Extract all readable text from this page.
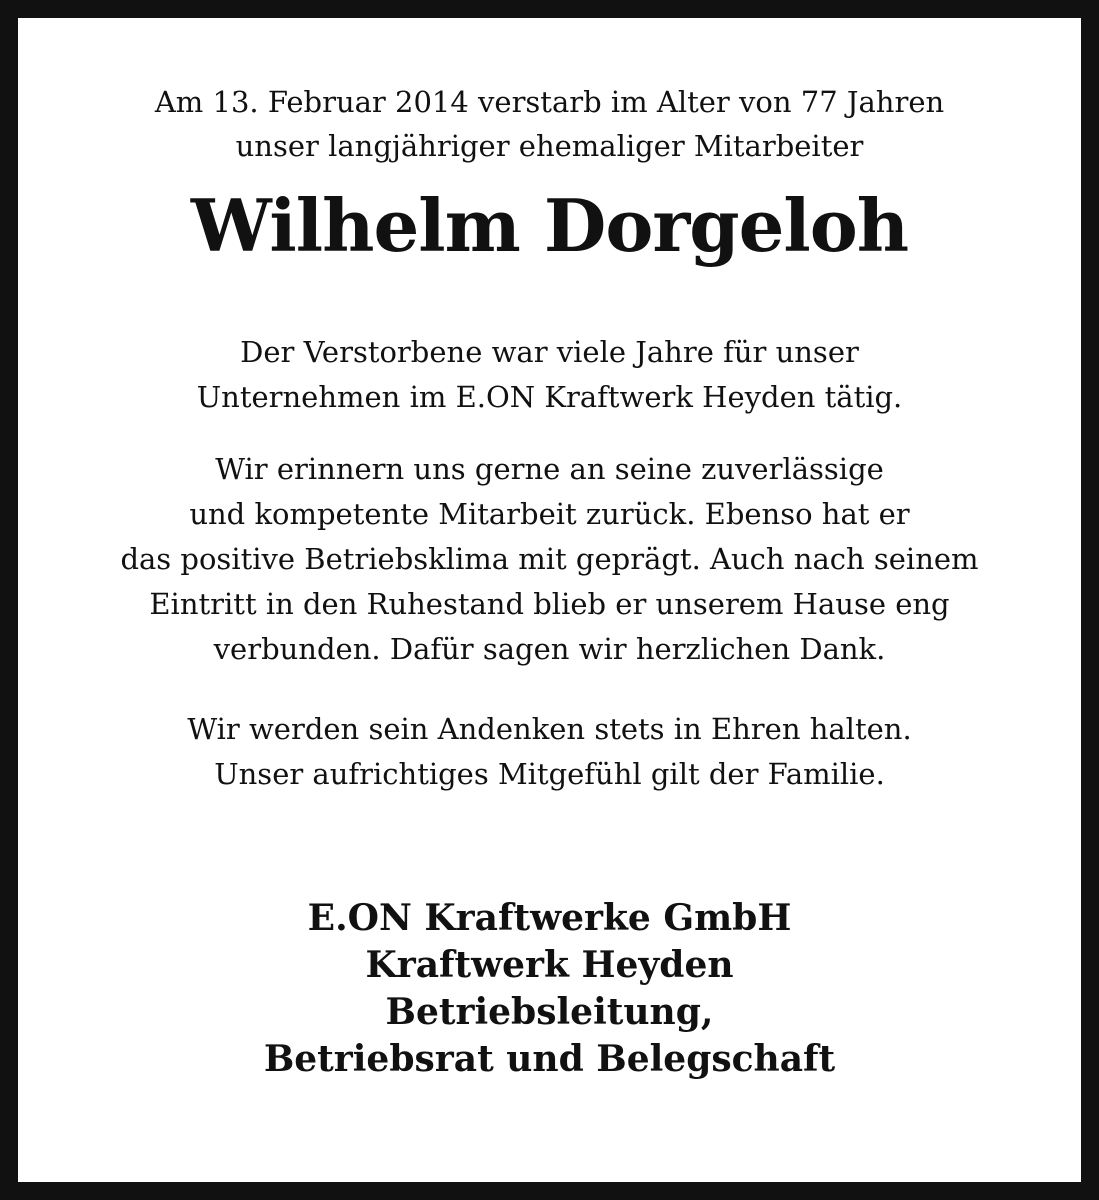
Am 13. Februar 2014 verstarb im Alter von 77 Jahren
unser langjähriger ehemaliger Mitarbeiter
Wilhelm Dorgeloh
Der Verstorbene war viele Jahre für unser
Unternehmen im E.ON Kraftwerk Heyden tätig.
Wir erinnern uns gerne an seine zuverlässige
und kompetente Mitarbeit zurück. Ebenso hat er
das positive Betriebsklima mit geprägt. Auch nach seinem
Eintritt in den Ruhestand blieb er unserem Hause eng
verbunden. Dafür sagen wir herzlichen Dank.
Wir werden sein Andenken stets in Ehren halten.
Unser aufrichtiges Mitgefühl gilt der Familie.
E.ON Kraftwerke GmbH
Kraftwerk Heyden
Betriebsleitung,
Betriebsrat und Belegschaft
